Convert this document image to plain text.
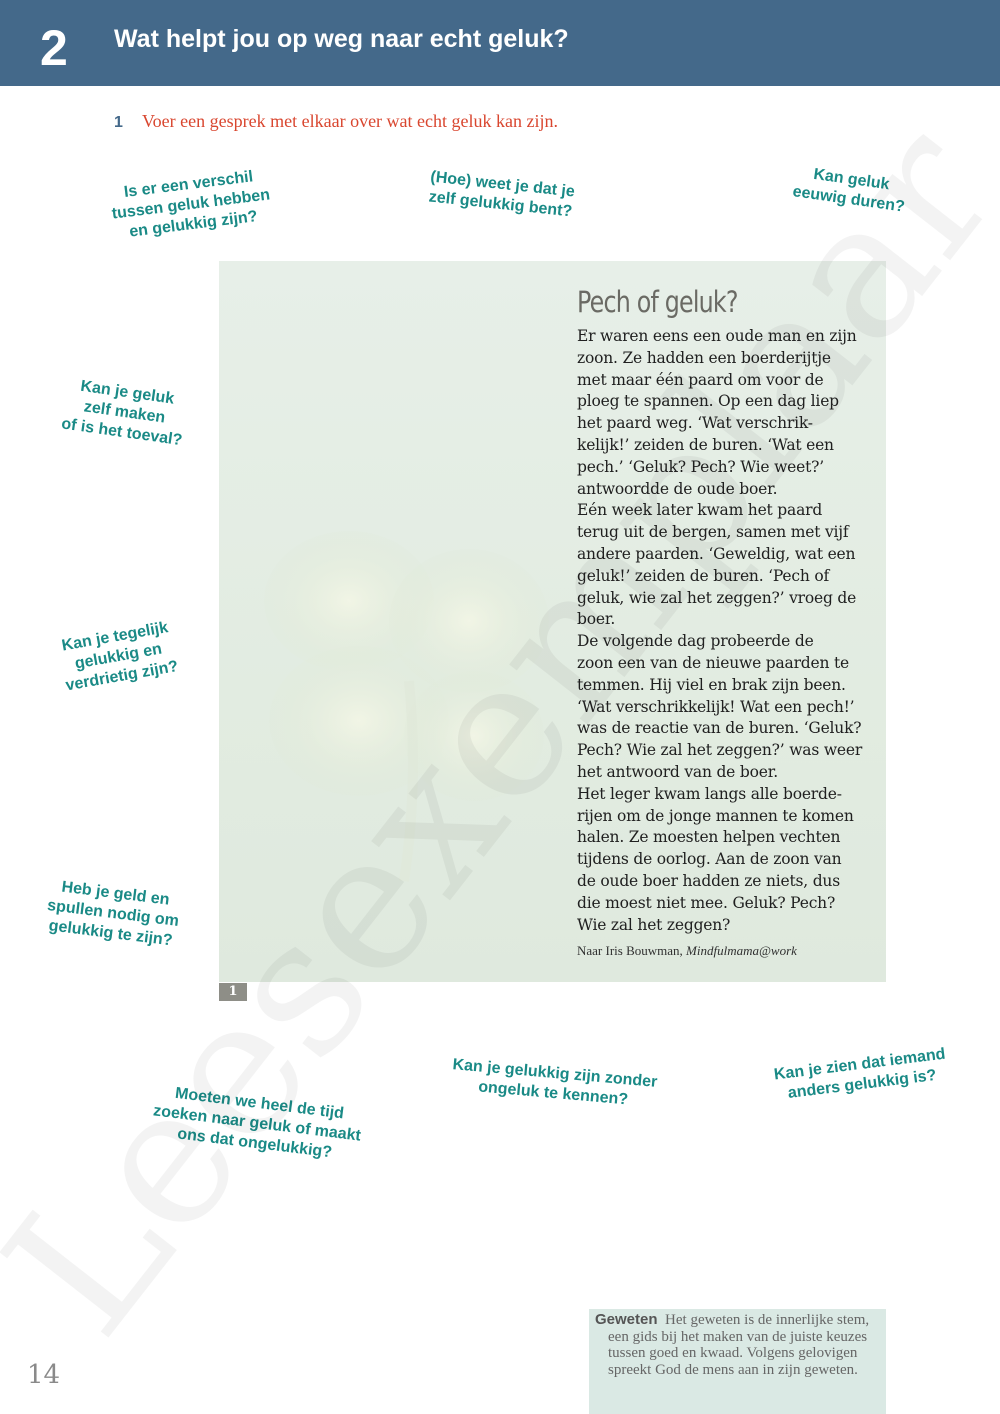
2 Wat helpt jou op weg naar echt geluk?
1 Voer een gesprek met elkaar over wat echt geluk kan zijn.
Is er een verschil
tussen geluk hebben
en gelukkig zijn?
(Hoe) weet je dat je
zelf gelukkig bent?
Kan geluk
eeuwig duren?
Kan je geluk
zelf maken
of is het toeval?
Kan je tegelijk
gelukkig en
verdrietig zijn?
Heb je geld en
spullen nodig om
gelukkig te zijn?
Moeten we heel de tijd
zoeken naar geluk of maakt
ons dat ongelukkig?
Kan je gelukkig zijn zonder
ongeluk te kennen?
Kan je zien dat iemand
anders gelukkig is?
Pech of geluk?
Er waren eens een oude man en zijn
zoon. Ze hadden een boerderijtje
met maar één paard om voor de
ploeg te spannen. Op een dag liep
het paard weg. ‘Wat verschrik-
kelijk!’ zeiden de buren. ‘Wat een
pech.’ ‘Geluk? Pech? Wie weet?’
antwoordde de oude boer.
Eén week later kwam het paard
terug uit de bergen, samen met vijf
andere paarden. ‘Geweldig, wat een
geluk!’ zeiden de buren. ‘Pech of
geluk, wie zal het zeggen?’ vroeg de
boer.
De volgende dag probeerde de
zoon een van de nieuwe paarden te
temmen. Hij viel en brak zijn been.
‘Wat verschrikkelijk! Wat een pech!’
was de reactie van de buren. ‘Geluk?
Pech? Wie zal het zeggen?’ was weer
het antwoord van de boer.
Het leger kwam langs alle boerde-
rijen om de jonge mannen te komen
halen. Ze moesten helpen vechten
tijdens de oorlog. Aan de zoon van
de oude boer hadden ze niets, dus
die moest niet mee. Geluk? Pech?
Wie zal het zeggen?
Naar Iris Bouwman, Mindfulmama@work
1
Geweten Het geweten is de innerlijke stem, een gids bij het maken van de juiste keuzes tussen goed en kwaad. Volgens gelovigen spreekt God de mens aan in zijn geweten.
14
